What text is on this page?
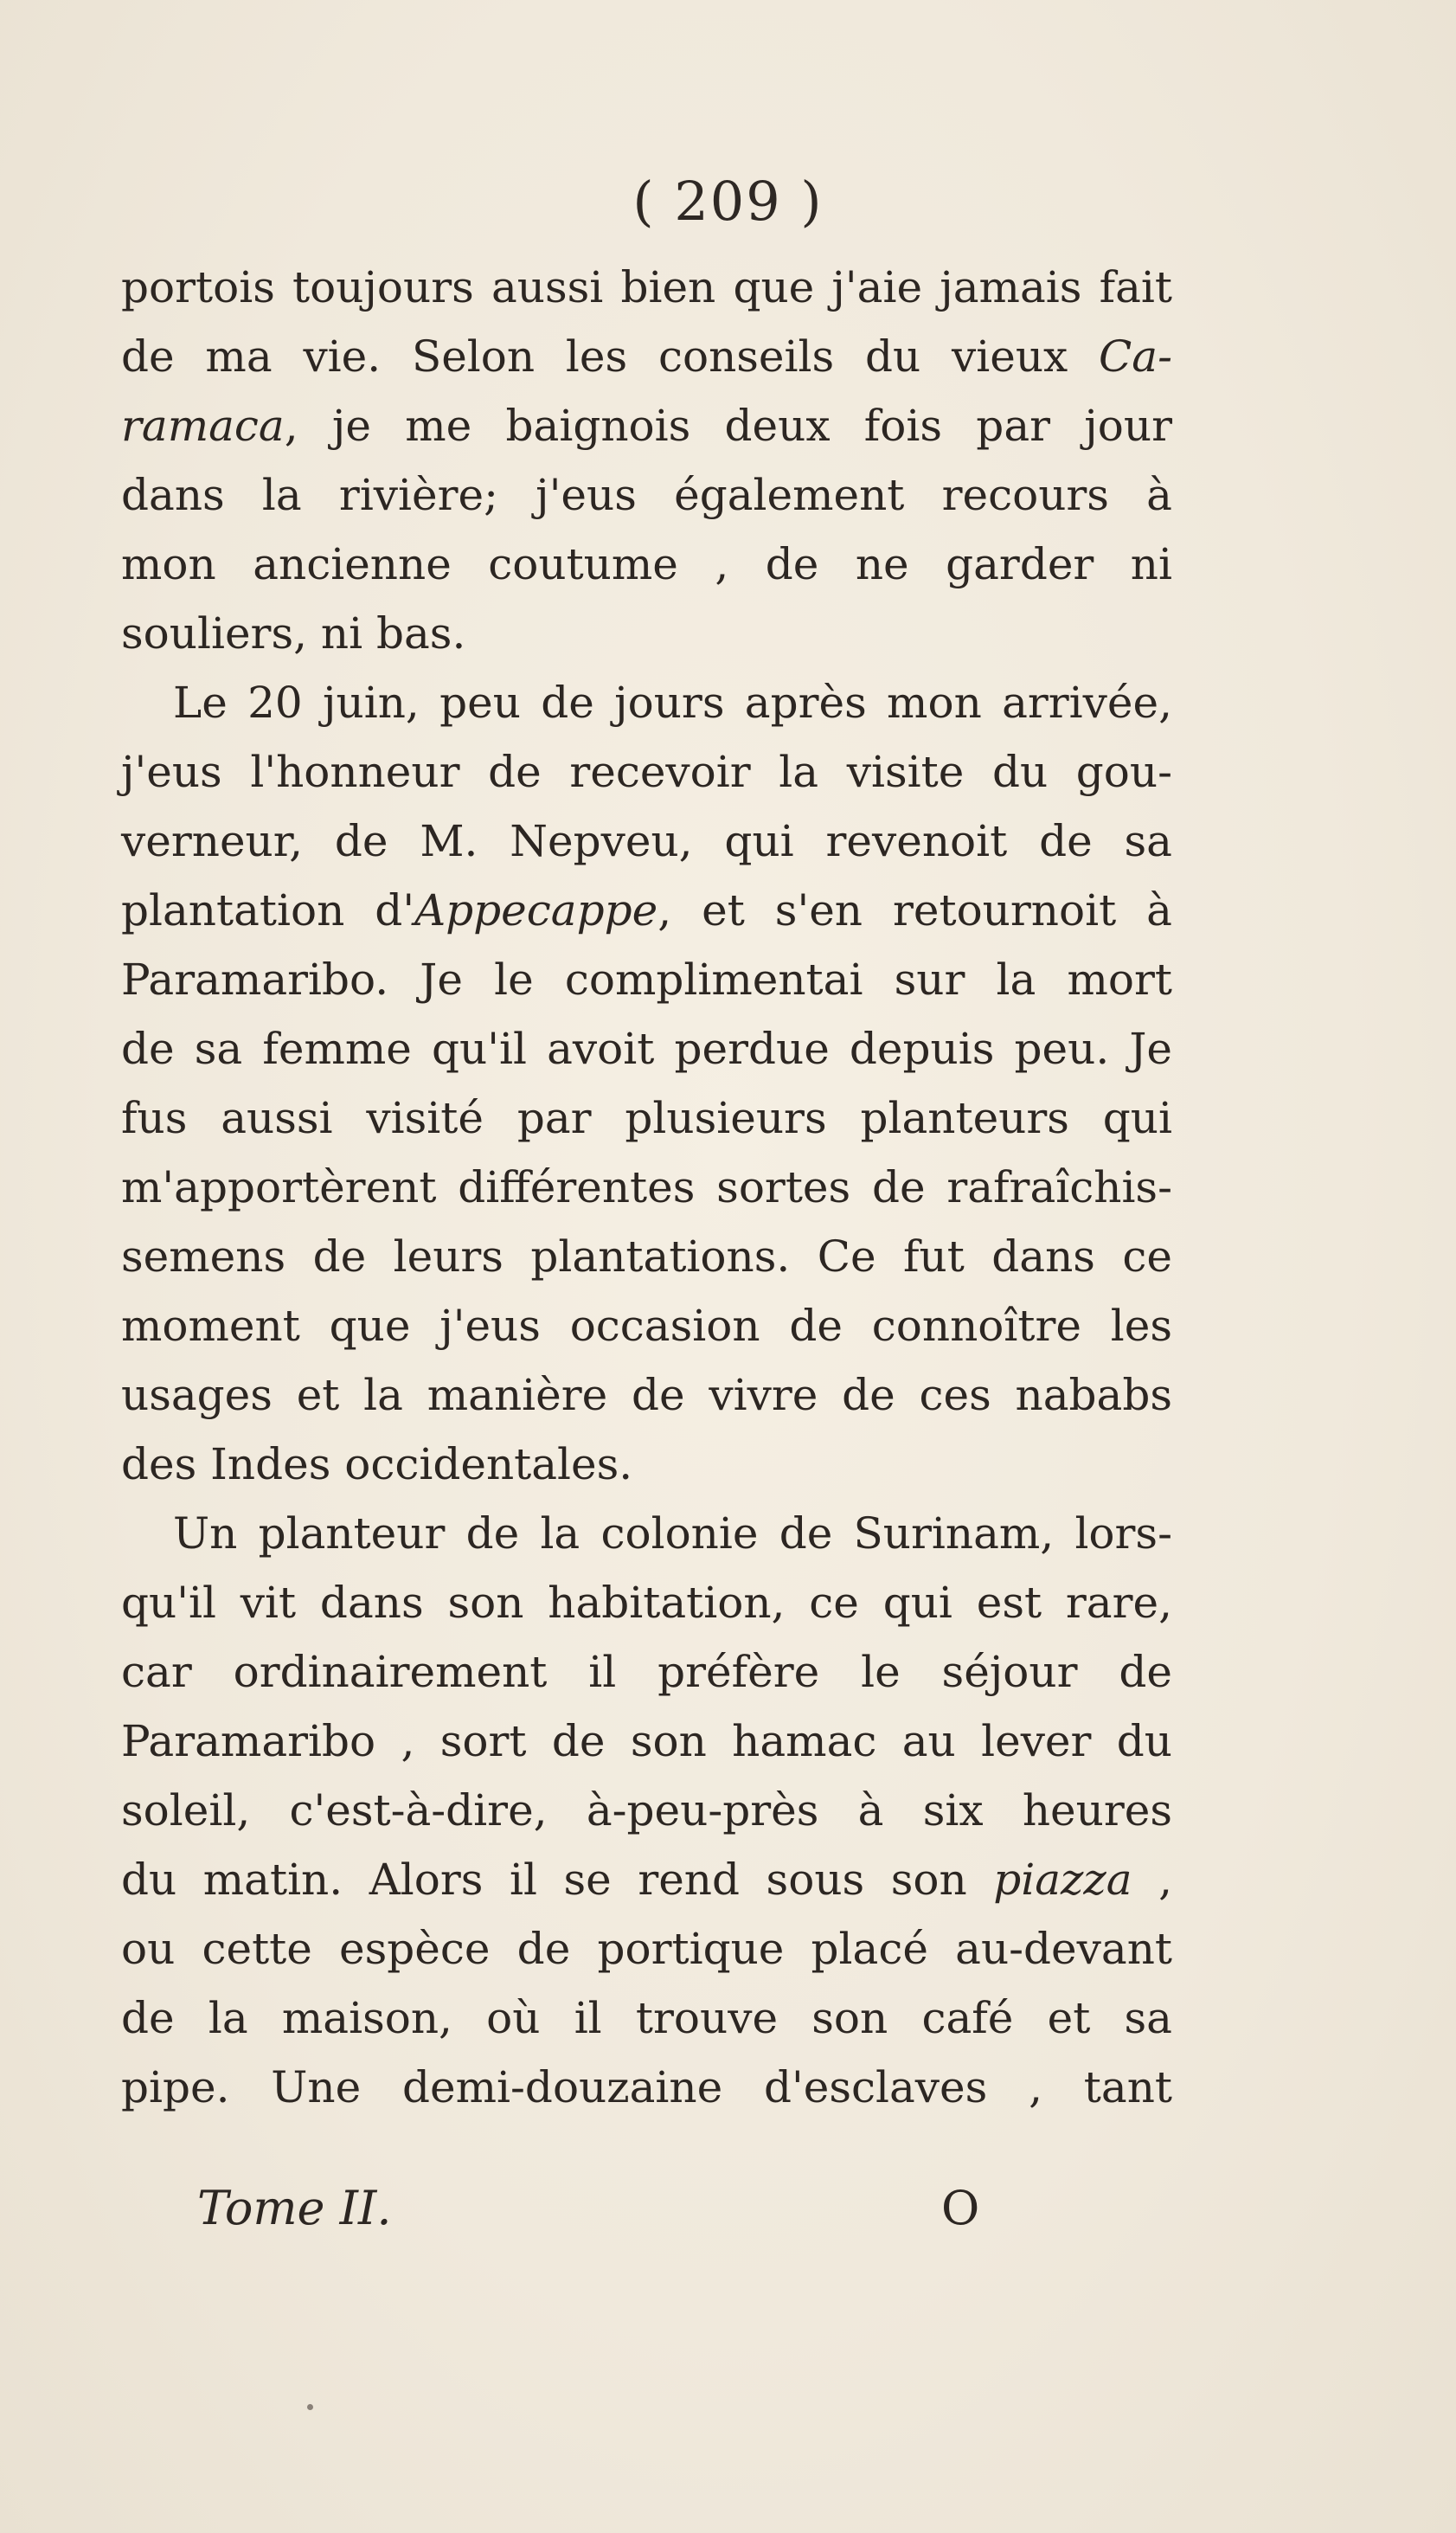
( 209 )
portois toujours aussi bien que j'aie jamais fait
de ma vie. Selon les conseils du vieux Ca-
ramaca, je me baignois deux fois par jour
dans la rivière; j'eus également recours à
mon ancienne coutume , de ne garder ni
souliers, ni bas.
Le 20 juin, peu de jours après mon arrivée,
j'eus l'honneur de recevoir la visite du gou-
verneur, de M. Nepveu, qui revenoit de sa
plantation d'Appecappe, et s'en retournoit à
Paramaribo. Je le complimentai sur la mort
de sa femme qu'il avoit perdue depuis peu. Je
fus aussi visité par plusieurs planteurs qui
m'apportèrent différentes sortes de rafraîchis-
semens de leurs plantations. Ce fut dans ce
moment que j'eus occasion de connoître les
usages et la manière de vivre de ces nababs
des Indes occidentales.
Un planteur de la colonie de Surinam, lors-
qu'il vit dans son habitation, ce qui est rare,
car ordinairement il préfère le séjour de
Paramaribo , sort de son hamac au lever du
soleil, c'est-à-dire, à-peu-près à six heures
du matin. Alors il se rend sous son piazza ,
ou cette espèce de portique placé au-devant
de la maison, où il trouve son café et sa
pipe. Une demi-douzaine d'esclaves , tant
Tome II.	O
